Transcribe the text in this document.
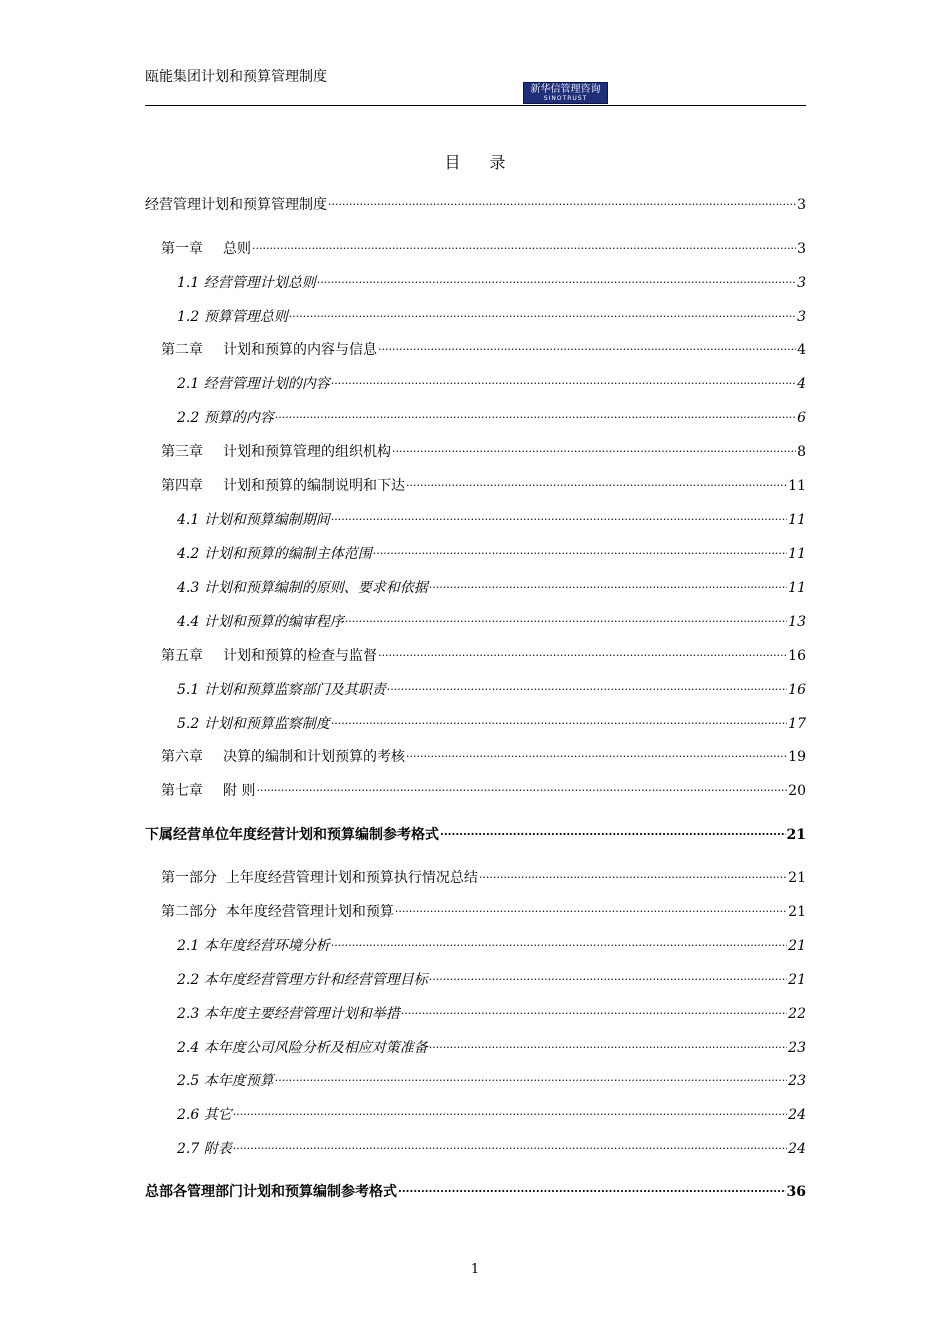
瓯能集团计划和预算管理制度
新华信管理咨询
SINOTRUST
目 录
经营管理计划和预算管理制度 .....	3
第一章 总则 .....	3
1.1 经营管理计划总则 .....	3
1.2 预算管理总则 .....	3
第二章 计划和预算的内容与信息 .....	4
2.1 经营管理计划的内容 .....	4
2.2 预算的内容 .....	6
第三章 计划和预算管理的组织机构 .....	8
第四章 计划和预算的编制说明和下达 .....	11
4.1 计划和预算编制期间 .....	11
4.2 计划和预算的编制主体范围 .....	11
4.3 计划和预算编制的原则、要求和依据 .....	11
4.4 计划和预算的编审程序 .....	13
第五章 计划和预算的检查与监督 .....	16
5.1 计划和预算监察部门及其职责 .....	16
5.2 计划和预算监察制度 .....	17
第六章 决算的编制和计划预算的考核 .....	19
第七章 附 则 .....	20
下属经营单位年度经营计划和预算编制参考格式 .....	21
第一部分 上年度经营管理计划和预算执行情况总结 .....	21
第二部分 本年度经营管理计划和预算 .....	21
2.1 本年度经营环境分析 .....	21
2.2 本年度经营管理方针和经营管理目标 .....	21
2.3 本年度主要经营管理计划和举措 .....	22
2.4 本年度公司风险分析及相应对策准备 .....	23
2.5 本年度预算 .....	23
2.6 其它 .....	24
2.7 附表 .....	24
总部各管理部门计划和预算编制参考格式 .....	36
1
